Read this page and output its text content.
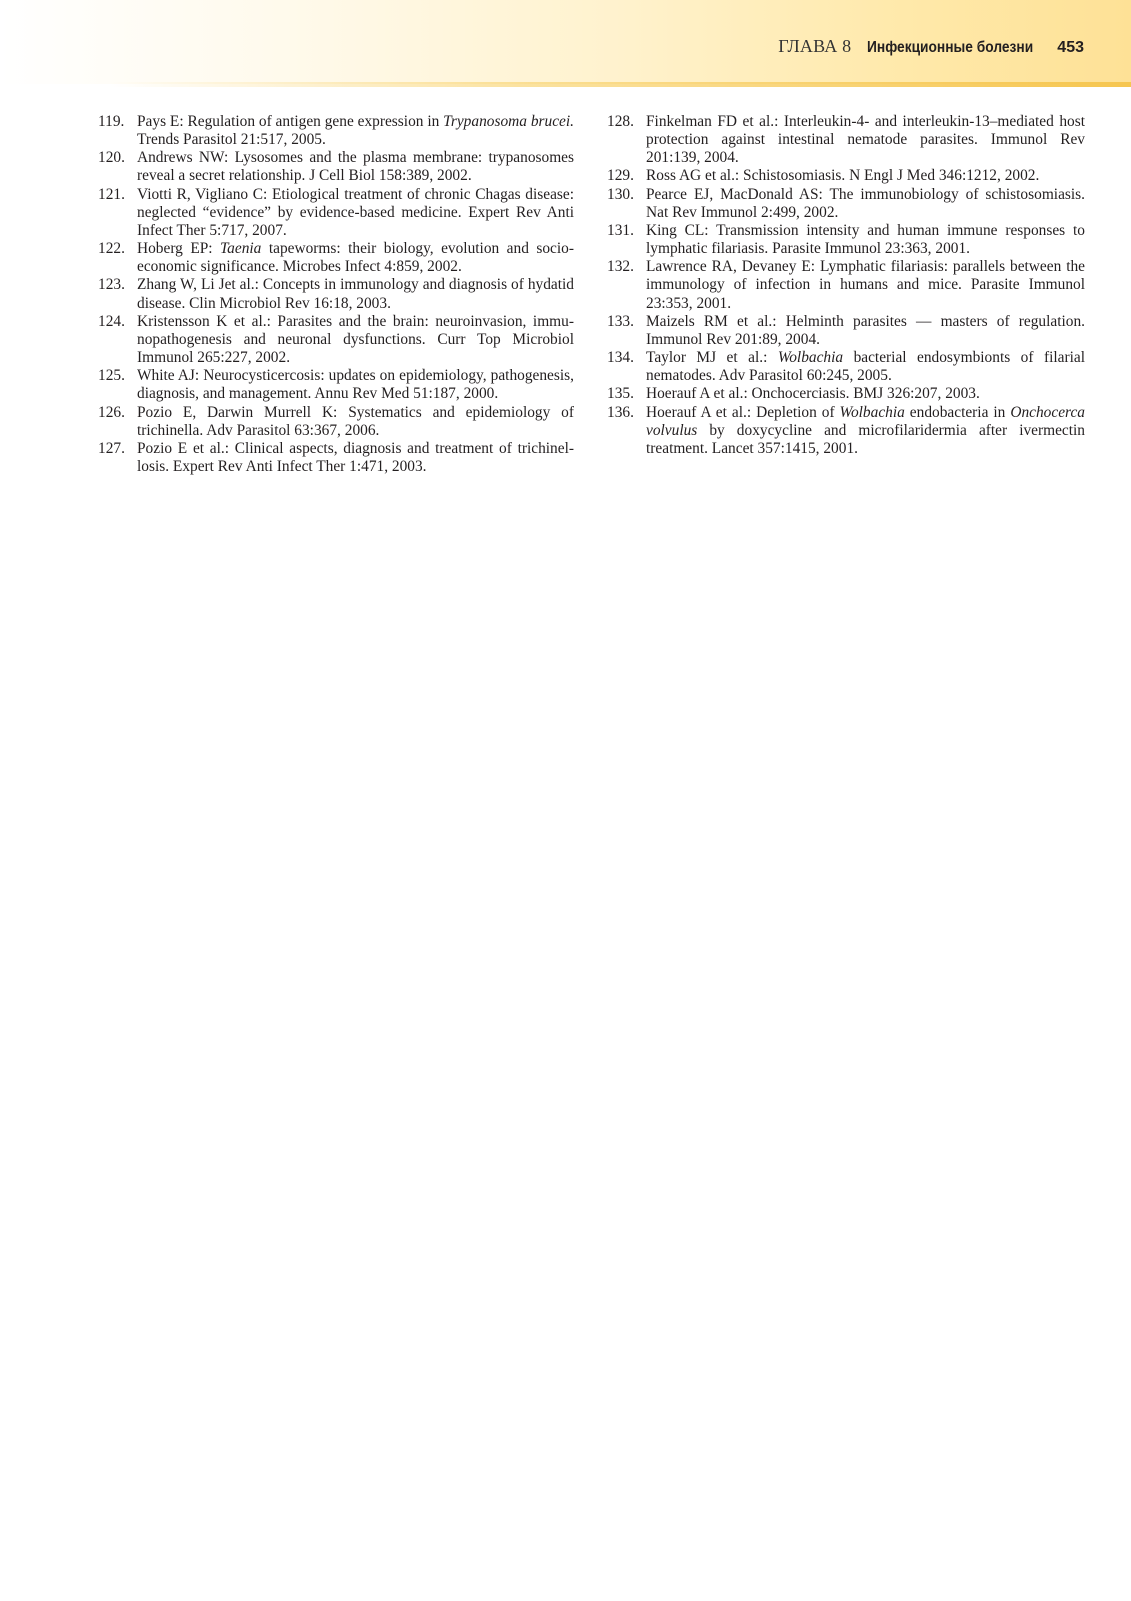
ГЛАВА 8 Инфекционные болезни 453
119. Pays E: Regulation of antigen gene expression in Trypanosoma brucei. Trends Parasitol 21:517, 2005.
120. Andrews NW: Lysosomes and the plasma membrane: trypanosomes reveal a secret relationship. J Cell Biol 158:389, 2002.
121. Viotti R, Vigliano C: Etiological treatment of chronic Chagas disease: neglected “evidence” by evidence-based medicine. Expert Rev Anti Infect Ther 5:717, 2007.
122. Hoberg EP: Taenia tapeworms: their biology, evolution and socioeconomic significance. Microbes Infect 4:859, 2002.
123. Zhang W, Li Jet al.: Concepts in immunology and diagnosis of hydatid disease. Clin Microbiol Rev 16:18, 2003.
124. Kristensson K et al.: Parasites and the brain: neuroinvasion, immunopathogenesis and neuronal dysfunctions. Curr Top Microbiol Immunol 265:227, 2002.
125. White AJ: Neurocysticercosis: updates on epidemiology, pathogenesis, diagnosis, and management. Annu Rev Med 51:187, 2000.
126. Pozio E, Darwin Murrell K: Systematics and epidemiology of trichinella. Adv Parasitol 63:367, 2006.
127. Pozio E et al.: Clinical aspects, diagnosis and treatment of trichinellosis. Expert Rev Anti Infect Ther 1:471, 2003.
128. Finkelman FD et al.: Interleukin-4- and interleukin-13–mediated host protection against intestinal nematode parasites. Immunol Rev 201:139, 2004.
129. Ross AG et al.: Schistosomiasis. N Engl J Med 346:1212, 2002.
130. Pearce EJ, MacDonald AS: The immunobiology of schistosomiasis. Nat Rev Immunol 2:499, 2002.
131. King CL: Transmission intensity and human immune responses to lymphatic filariasis. Parasite Immunol 23:363, 2001.
132. Lawrence RA, Devaney E: Lymphatic filariasis: parallels between the immunology of infection in humans and mice. Parasite Immunol 23:353, 2001.
133. Maizels RM et al.: Helminth parasites — masters of regulation. Immunol Rev 201:89, 2004.
134. Taylor MJ et al.: Wolbachia bacterial endosymbionts of filarial nematodes. Adv Parasitol 60:245, 2005.
135. Hoerauf A et al.: Onchocerciasis. BMJ 326:207, 2003.
136. Hoerauf A et al.: Depletion of Wolbachia endobacteria in Onchocerca volvulus by doxycycline and microfilaridermia after ivermectin treatment. Lancet 357:1415, 2001.
